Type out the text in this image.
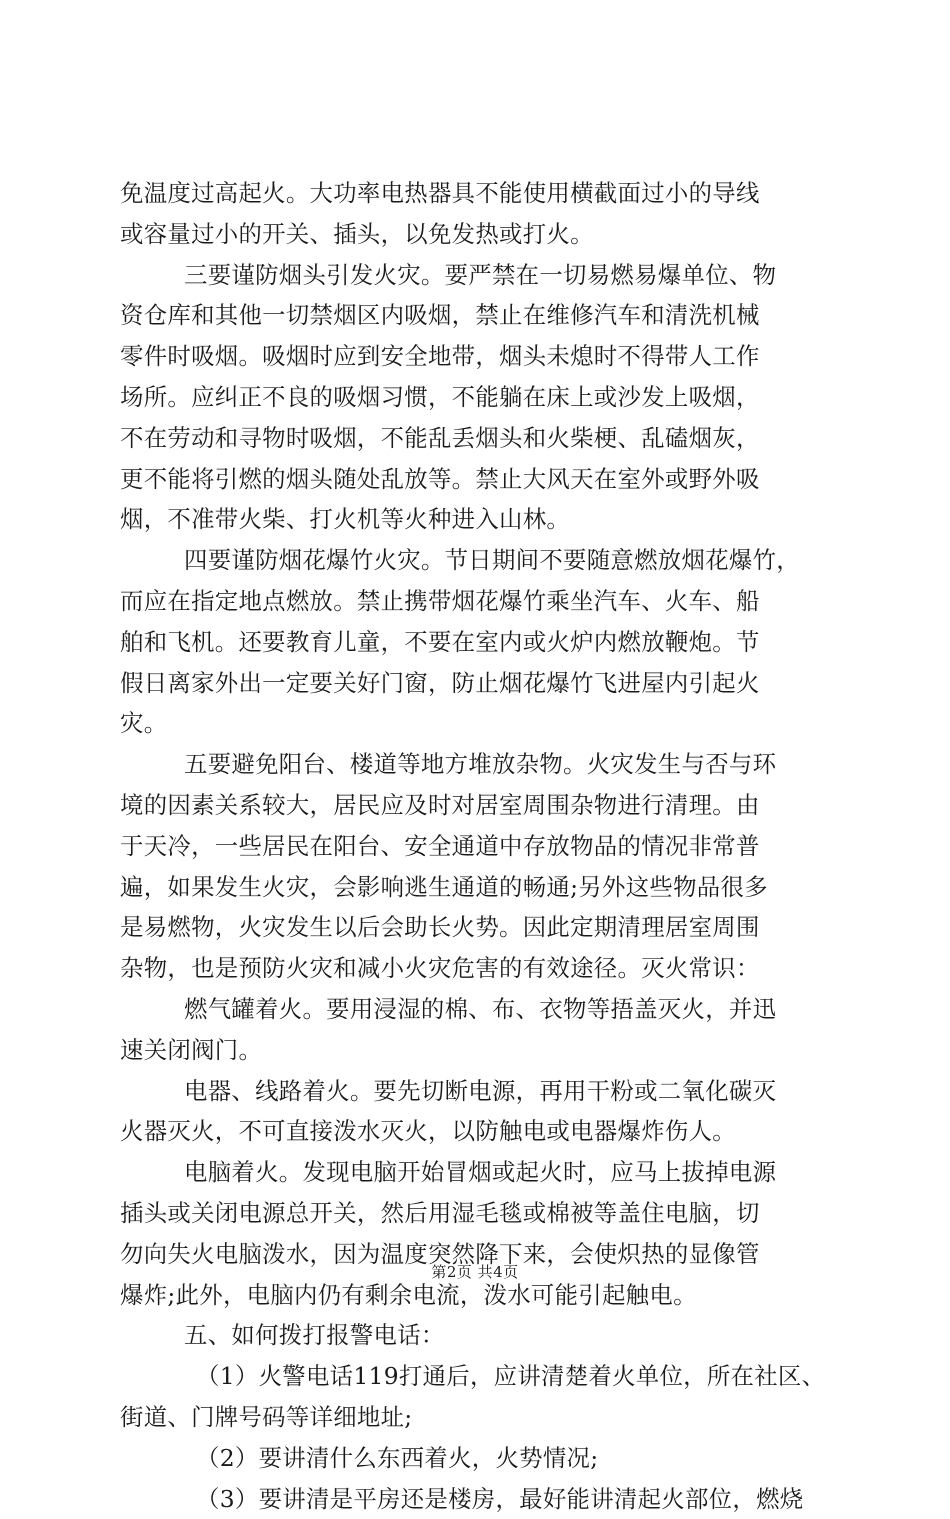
免温度过高起火。大功率电热器具不能使用横截面过小的导线
或容量过小的开关、插头，以免发热或打火。
三要谨防烟头引发火灾。要严禁在一切易燃易爆单位、物
资仓库和其他一切禁烟区内吸烟，禁止在维修汽车和清洗机械
零件时吸烟。吸烟时应到安全地带，烟头未熄时不得带人工作
场所。应纠正不良的吸烟习惯，不能躺在床上或沙发上吸烟，
不在劳动和寻物时吸烟，不能乱丢烟头和火柴梗、乱磕烟灰，
更不能将引燃的烟头随处乱放等。禁止大风天在室外或野外吸
烟，不准带火柴、打火机等火种进入山林。
四要谨防烟花爆竹火灾。节日期间不要随意燃放烟花爆竹，
而应在指定地点燃放。禁止携带烟花爆竹乘坐汽车、火车、船
舶和飞机。还要教育儿童，不要在室内或火炉内燃放鞭炮。节
假日离家外出一定要关好门窗，防止烟花爆竹飞进屋内引起火
灾。
五要避免阳台、楼道等地方堆放杂物。火灾发生与否与环
境的因素关系较大，居民应及时对居室周围杂物进行清理。由
于天冷，一些居民在阳台、安全通道中存放物品的情况非常普
遍，如果发生火灾，会影响逃生通道的畅通;另外这些物品很多
是易燃物，火灾发生以后会助长火势。因此定期清理居室周围
杂物，也是预防火灾和减小火灾危害的有效途径。灭火常识：
燃气罐着火。要用浸湿的棉、布、衣物等捂盖灭火，并迅
速关闭阀门。
电器、线路着火。要先切断电源，再用干粉或二氧化碳灭
火器灭火，不可直接泼水灭火，以防触电或电器爆炸伤人。
电脑着火。发现电脑开始冒烟或起火时，应马上拔掉电源
插头或关闭电源总开关，然后用湿毛毯或棉被等盖住电脑，切
勿向失火电脑泼水，因为温度突然降下来，会使炽热的显像管
爆炸;此外，电脑内仍有剩余电流，泼水可能引起触电。
五、如何拨打报警电话：
（1）火警电话119打通后，应讲清楚着火单位，所在社区、
街道、门牌号码等详细地址;
（2）要讲清什么东西着火，火势情况;
（3）要讲清是平房还是楼房，最好能讲清起火部位，燃烧
第2页 共4页
